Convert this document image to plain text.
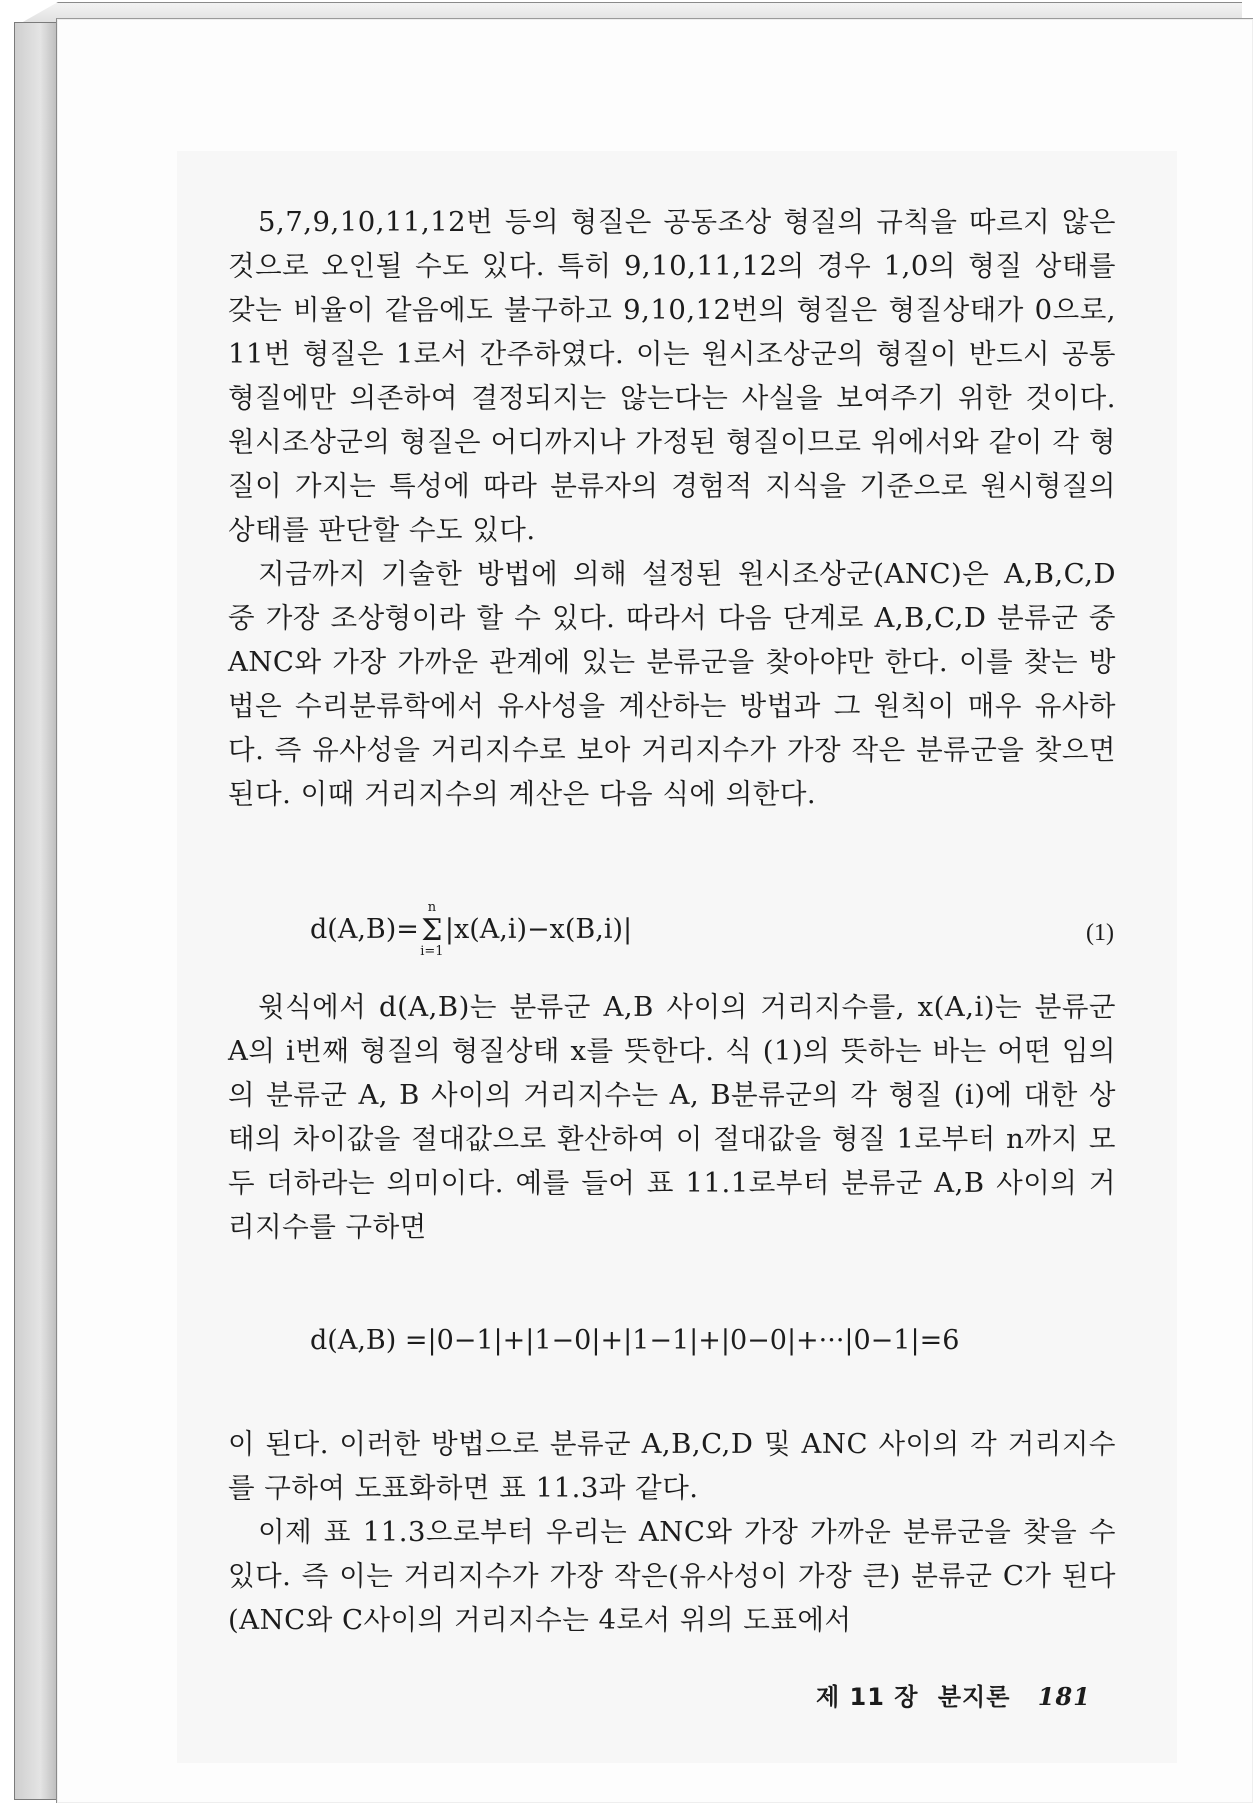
5,7,9,10,11,12번 등의 형질은 공동조상 형질의 규칙을 따르지 않은 것으로 오인될 수도 있다. 특히 9,10,11,12의 경우 1,0의 형질 상태를 갖는 비율이 같음에도 불구하고 9,10,12번의 형질은 형질상태가 0으로, 11번 형질은 1로서 간주하였다. 이는 원시조상군의 형질이 반드시 공통 형질에만 의존하여 결정되지는 않는다는 사실을 보여주기 위한 것이다. 원시조상군의 형질은 어디까지나 가정된 형질이므로 위에서와 같이 각 형질이 가지는 특성에 따라 분류자의 경험적 지식을 기준으로 원시형질의 상태를 판단할 수도 있다.

지금까지 기술한 방법에 의해 설정된 원시조상군(ANC)은 A,B,C,D 중 가장 조상형이라 할 수 있다. 따라서 다음 단계로 A,B,C,D 분류군 중 ANC와 가장 가까운 관계에 있는 분류군을 찾아야만 한다. 이를 찾는 방법은 수리분류학에서 유사성을 계산하는 방법과 그 원칙이 매우 유사하다. 즉 유사성을 거리지수로 보아 거리지수가 가장 작은 분류군을 찾으면 된다. 이때 거리지수의 계산은 다음 식에 의한다.

d(A,B)=
n
Σ
i=1
|x(A,i)−x(B,i)|	(1)

윗식에서 d(A,B)는 분류군 A,B 사이의 거리지수를, x(A,i)는 분류군 A의 i번째 형질의 형질상태 x를 뜻한다. 식 (1)의 뜻하는 바는 어떤 임의의 분류군 A, B 사이의 거리지수는 A, B분류군의 각 형질 (i)에 대한 상태의 차이값을 절대값으로 환산하여 이 절대값을 형질 1로부터 n까지 모두 더하라는 의미이다. 예를 들어 표 11.1로부터 분류군 A,B 사이의 거리지수를 구하면

d(A,B) =|0−1|+|1−0|+|1−1|+|0−0|+···|0−1|=6

이 된다. 이러한 방법으로 분류군 A,B,C,D 및 ANC 사이의 각 거리지수를 구하여 도표화하면 표 11.3과 같다.

이제 표 11.3으로부터 우리는 ANC와 가장 가까운 분류군을 찾을 수 있다. 즉 이는 거리지수가 가장 작은(유사성이 가장 큰) 분류군 C가 된다 (ANC와 C사이의 거리지수는 4로서 위의 도표에서

제 11 장 분지론 181
